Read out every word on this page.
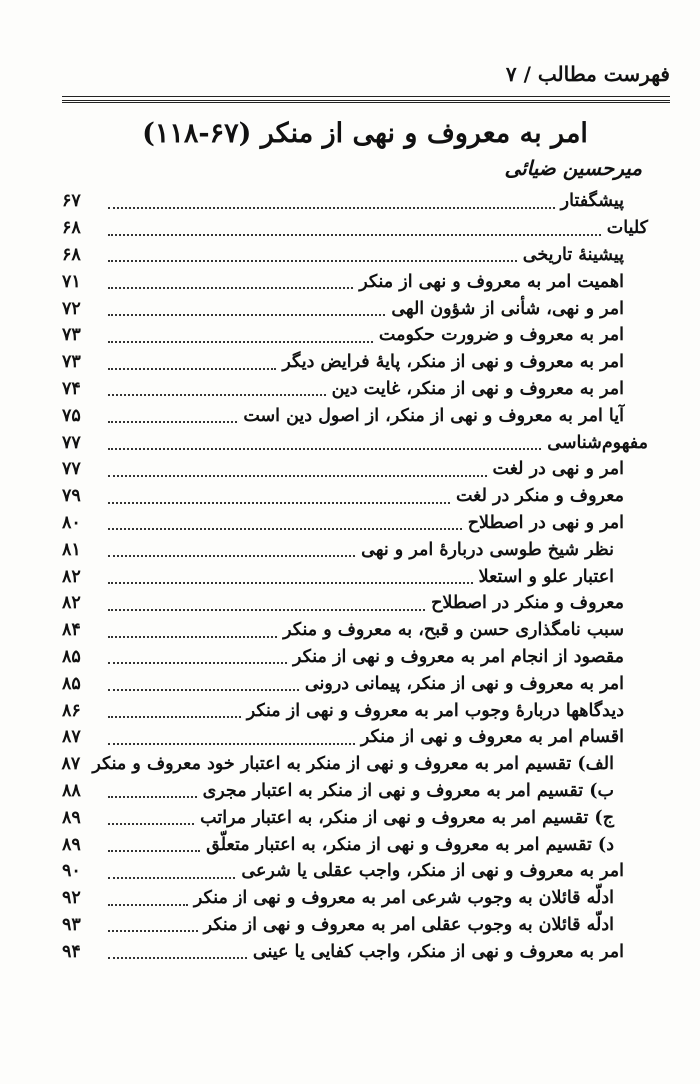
فهرست مطالب / ۷
امر به معروف و نهی از منکر (۶۷-۱۱۸)
میرحسین ضیائی
پیشگفتار
۶۷
کلیات
۶۸
پیشینهٔ تاریخی
۶۸
اهمیت امر به معروف و نهی از منکر
۷۱
امر و نهی، شأنی از شؤون الهی
۷۲
امر به معروف و ضرورت حکومت
۷۳
امر به معروف و نهی از منکر، پایهٔ فرایض دیگر
۷۳
امر به معروف و نهی از منکر، غایت دین
۷۴
آیا امر به معروف و نهی از منکر، از اصول دین است
۷۵
مفهوم‌شناسی
۷۷
امر و نهی در لغت
۷۷
معروف و منکر در لغت
۷۹
امر و نهی در اصطلاح
۸۰
نظر شیخ طوسی دربارهٔ امر و نهی
۸۱
اعتبار علو و استعلا
۸۲
معروف و منکر در اصطلاح
۸۲
سبب نامگذاری حسن و قبح، به معروف و منکر
۸۴
مقصود از انجام امر به معروف و نهی از منکر
۸۵
امر به معروف و نهی از منکر، پیمانی درونی
۸۵
دیدگاهها دربارهٔ وجوب امر به معروف و نهی از منکر
۸۶
اقسام امر به معروف و نهی از منکر
۸۷
الف) تقسیم امر به معروف و نهی از منکر به اعتبار خود معروف و منکر
۸۷
ب) تقسیم امر به معروف و نهی از منکر به اعتبار مجری
۸۸
ج) تقسیم امر به معروف و نهی از منکر، به اعتبار مراتب
۸۹
د) تقسیم امر به معروف و نهی از منکر، به اعتبار متعلّق
۸۹
امر به معروف و نهی از منکر، واجب عقلی یا شرعی
۹۰
ادلّه قائلان به وجوب شرعی امر به معروف و نهی از منکر
۹۲
ادلّه قائلان به وجوب عقلی امر به معروف و نهی از منکر
۹۳
امر به معروف و نهی از منکر، واجب کفایی یا عینی
۹۴
